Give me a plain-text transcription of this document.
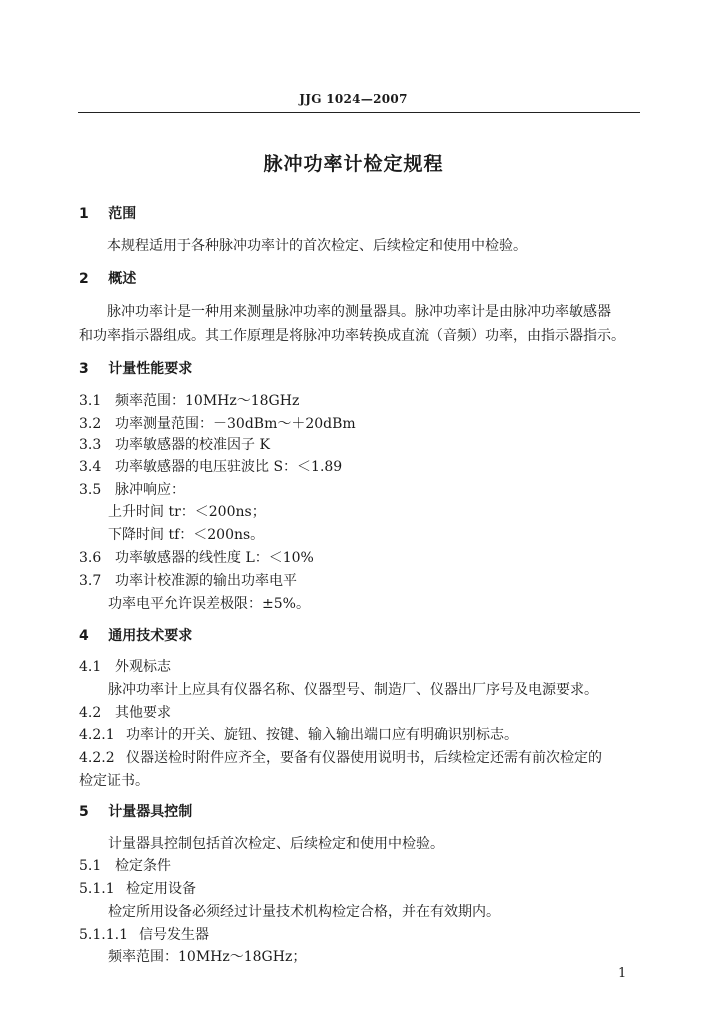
JJG 1024—2007
脉冲功率计检定规程
1 范围
本规程适用于各种脉冲功率计的首次检定、后续检定和使用中检验。
2 概述
脉冲功率计是一种用来测量脉冲功率的测量器具。脉冲功率计是由脉冲功率敏感器
和功率指示器组成。其工作原理是将脉冲功率转换成直流（音频）功率，由指示器指示。
3 计量性能要求
3.1 频率范围：10MHz～18GHz
3.2 功率测量范围：－30dBm～＋20dBm
3.3 功率敏感器的校准因子 K
3.4 功率敏感器的电压驻波比 S：＜1.89
3.5 脉冲响应：
上升时间 tr：＜200ns；
下降时间 tf：＜200ns。
3.6 功率敏感器的线性度 L：＜10%
3.7 功率计校准源的输出功率电平
功率电平允许误差极限：±5%。
4 通用技术要求
4.1 外观标志
脉冲功率计上应具有仪器名称、仪器型号、制造厂、仪器出厂序号及电源要求。
4.2 其他要求
4.2.1 功率计的开关、旋钮、按键、输入输出端口应有明确识别标志。
4.2.2 仪器送检时附件应齐全，要备有仪器使用说明书，后续检定还需有前次检定的
检定证书。
5 计量器具控制
计量器具控制包括首次检定、后续检定和使用中检验。
5.1 检定条件
5.1.1 检定用设备
检定所用设备必须经过计量技术机构检定合格，并在有效期内。
5.1.1.1 信号发生器
频率范围：10MHz～18GHz；
1
